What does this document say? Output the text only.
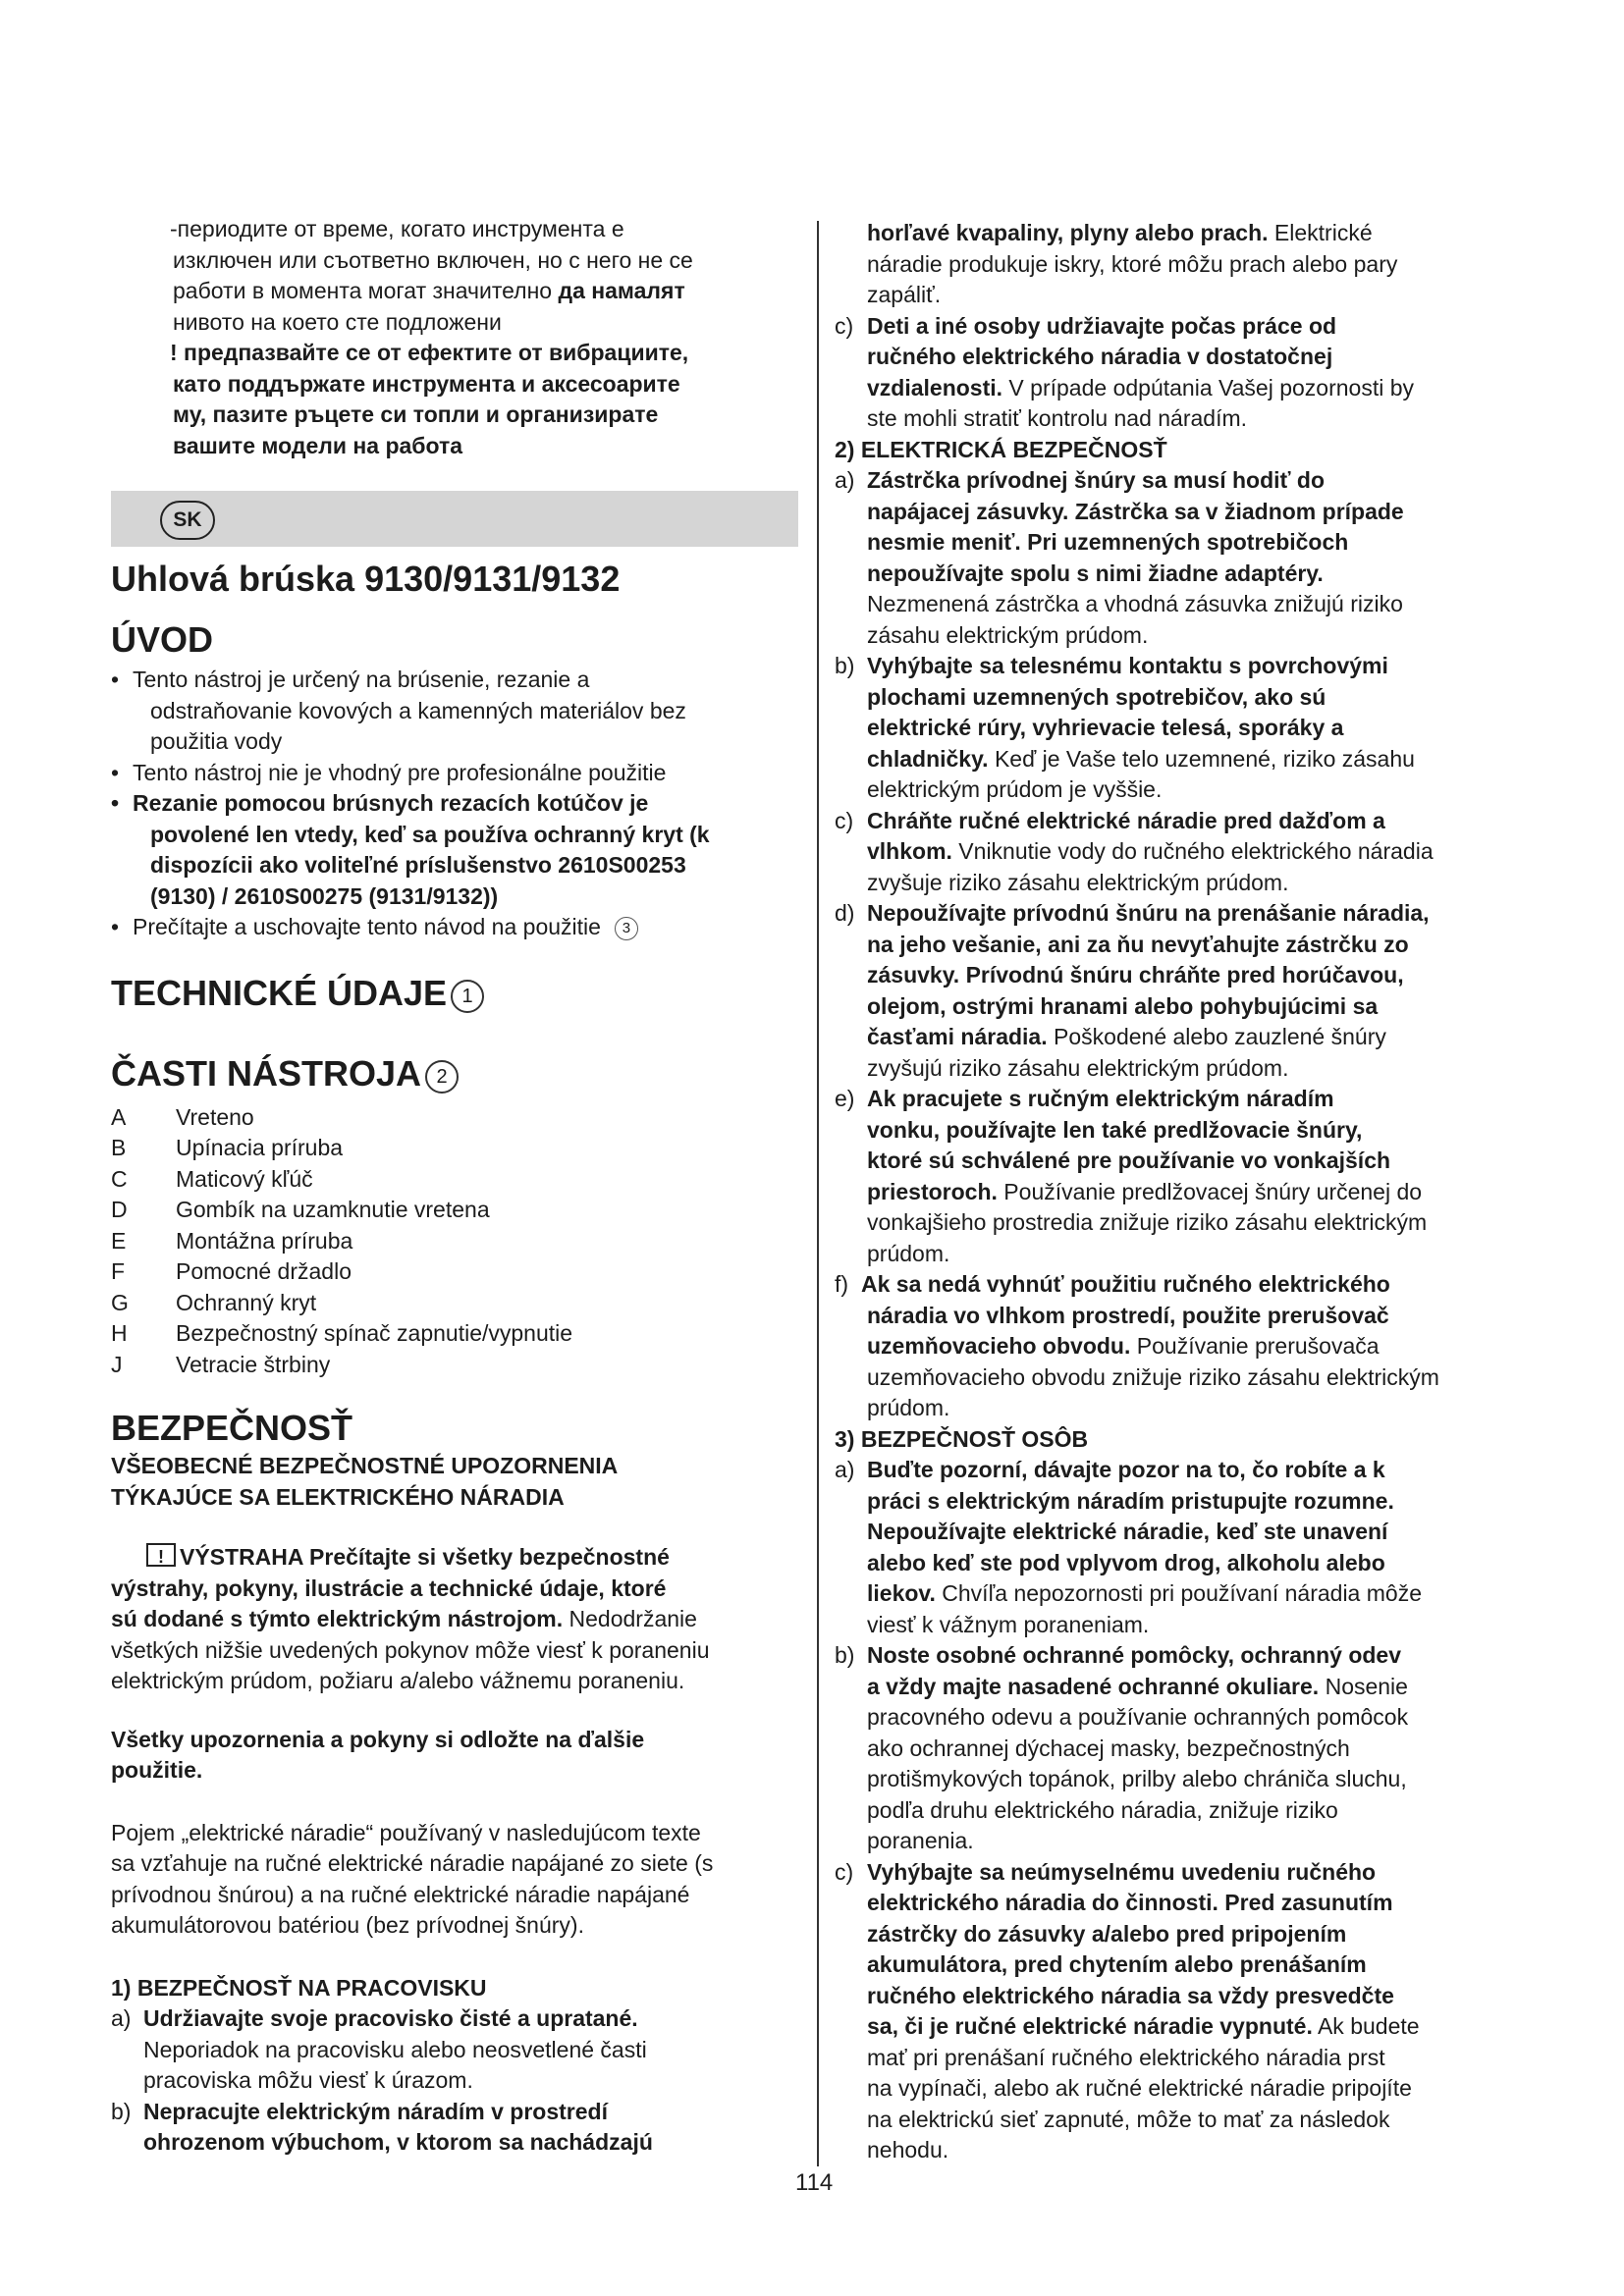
-периодите от време, когато инструмента е
изключен или съответно включен, но с него не се
работи в момента могат значително да намалят
нивото на което сте подложени
! предпазвайте се от ефектите от вибрациите,
като поддържате инструмента и аксесоарите
му, пазите ръцете си топли и организирате
вашите модели на работа
SK
Uhlová brúska 9130/9131/9132
ÚVOD
• Tento nástroj je určený na brúsenie, rezanie a
odstraňovanie kovových a kamenných materiálov bez
použitia vody
• Tento nástroj nie je vhodný pre profesionálne použitie
• Rezanie pomocou brúsnych rezacích kotúčov je
povolené len vtedy, keď sa používa ochranný kryt (k
dispozícii ako voliteľné príslušenstvo 2610S00253
(9130) / 2610S00275 (9131/9132))
• Prečítajte a uschovajte tento návod na použitie 3
TECHNICKÉ ÚDAJE 1
ČASTI NÁSTROJA 2
A	Vreteno
B	Upínacia príruba
C	Maticový kľúč
D	Gombík na uzamknutie vretena
E	Montážna príruba
F	Pomocné držadlo
G	Ochranný kryt
H	Bezpečnostný spínač zapnutie/vypnutie
J	Vetracie štrbiny
BEZPEČNOSŤ
VŠEOBECNÉ BEZPEČNOSTNÉ UPOZORNENIA
TÝKAJÚCE SA ELEKTRICKÉHO NÁRADIA
!VÝSTRAHA Prečítajte si všetky bezpečnostné
výstrahy, pokyny, ilustrácie a technické údaje, ktoré
sú dodané s týmto elektrickým nástrojom. Nedodržanie
všetkých nižšie uvedených pokynov môže viesť k poraneniu
elektrickým prúdom, požiaru a/alebo vážnemu poraneniu.
Všetky upozornenia a pokyny si odložte na ďalšie
použitie.
Pojem „elektrické náradie“ používaný v nasledujúcom texte
sa vzťahuje na ručné elektrické náradie napájané zo siete (s
prívodnou šnúrou) a na ručné elektrické náradie napájané
akumulátorovou batériou (bez prívodnej šnúry).
1) BEZPEČNOSŤ NA PRACOVISKU
a) Udržiavajte svoje pracovisko čisté a upratané.
Neporiadok na pracovisku alebo neosvetlené časti
pracoviska môžu viesť k úrazom.
b) Nepracujte elektrickým náradím v prostredí
ohrozenom výbuchom, v ktorom sa nachádzajú
horľavé kvapaliny, plyny alebo prach. Elektrické
náradie produkuje iskry, ktoré môžu prach alebo pary
zapáliť.
c) Deti a iné osoby udržiavajte počas práce od
ručného elektrického náradia v dostatočnej
vzdialenosti. V prípade odpútania Vašej pozornosti by
ste mohli stratiť kontrolu nad náradím.
2) ELEKTRICKÁ BEZPEČNOSŤ
a) Zástrčka prívodnej šnúry sa musí hodiť do
napájacej zásuvky. Zástrčka sa v žiadnom prípade
nesmie meniť. Pri uzemnených spotrebičoch
nepoužívajte spolu s nimi žiadne adaptéry.
Nezmenená zástrčka a vhodná zásuvka znižujú riziko
zásahu elektrickým prúdom.
b) Vyhýbajte sa telesnému kontaktu s povrchovými
plochami uzemnených spotrebičov, ako sú
elektrické rúry, vyhrievacie telesá, sporáky a
chladničky. Keď je Vaše telo uzemnené, riziko zásahu
elektrickým prúdom je vyššie.
c) Chráňte ručné elektrické náradie pred dažďom a
vlhkom. Vniknutie vody do ručného elektrického náradia
zvyšuje riziko zásahu elektrickým prúdom.
d) Nepoužívajte prívodnú šnúru na prenášanie náradia,
na jeho vešanie, ani za ňu nevyťahujte zástrčku zo
zásuvky. Prívodnú šnúru chráňte pred horúčavou,
olejom, ostrými hranami alebo pohybujúcimi sa
časťami náradia. Poškodené alebo zauzlené šnúry
zvyšujú riziko zásahu elektrickým prúdom.
e) Ak pracujete s ručným elektrickým náradím
vonku, používajte len také predlžovacie šnúry,
ktoré sú schválené pre používanie vo vonkajších
priestoroch. Používanie predlžovacej šnúry určenej do
vonkajšieho prostredia znižuje riziko zásahu elektrickým
prúdom.
f) Ak sa nedá vyhnúť použitiu ručného elektrického
náradia vo vlhkom prostredí, použite prerušovač
uzemňovacieho obvodu. Používanie prerušovača
uzemňovacieho obvodu znižuje riziko zásahu elektrickým
prúdom.
3) BEZPEČNOSŤ OSÔB
a) Buďte pozorní, dávajte pozor na to, čo robíte a k
práci s elektrickým náradím pristupujte rozumne.
Nepoužívajte elektrické náradie, keď ste unavení
alebo keď ste pod vplyvom drog, alkoholu alebo
liekov. Chvíľa nepozornosti pri používaní náradia môže
viesť k vážnym poraneniam.
b) Noste osobné ochranné pomôcky, ochranný odev
a vždy majte nasadené ochranné okuliare. Nosenie
pracovného odevu a používanie ochranných pomôcok
ako ochrannej dýchacej masky, bezpečnostných
protišmykových topánok, prilby alebo chrániča sluchu,
podľa druhu elektrického náradia, znižuje riziko
poranenia.
c) Vyhýbajte sa neúmyselnému uvedeniu ručného
elektrického náradia do činnosti. Pred zasunutím
zástrčky do zásuvky a/alebo pred pripojením
akumulátora, pred chytením alebo prenášaním
ručného elektrického náradia sa vždy presvedčte
sa, či je ručné elektrické náradie vypnuté. Ak budete
mať pri prenášaní ručného elektrického náradia prst
na vypínači, alebo ak ručné elektrické náradie pripojíte
na elektrickú sieť zapnuté, môže to mať za následok
nehodu.
114
